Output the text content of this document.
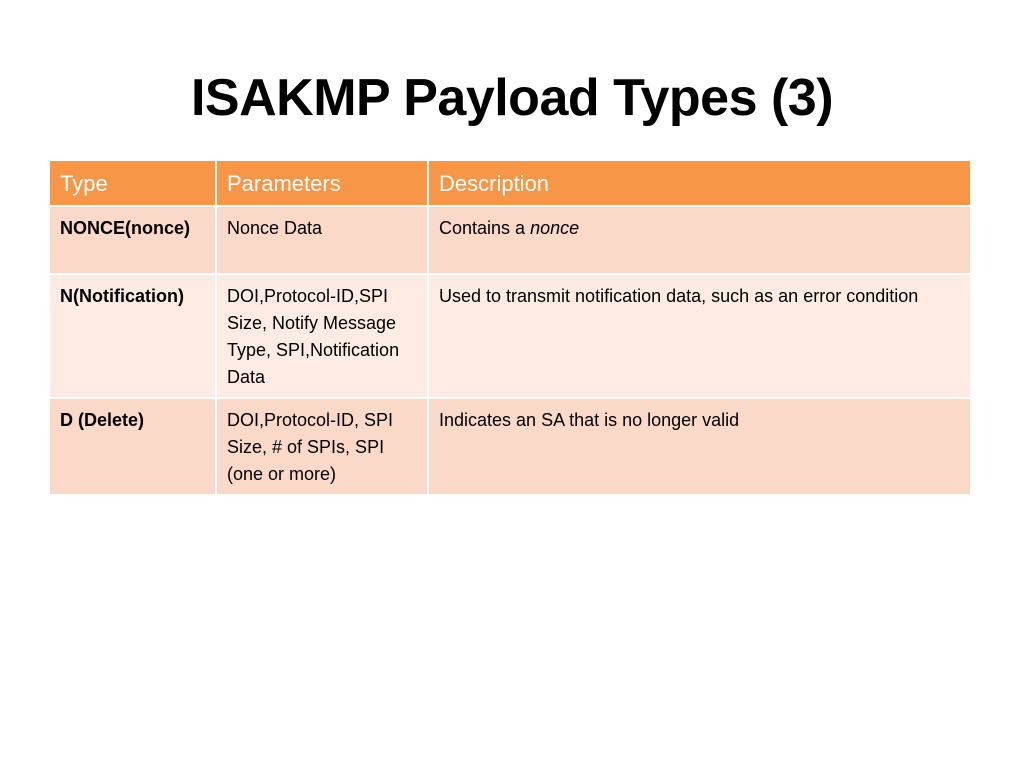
ISAKMP Payload Types (3)
Type	Parameters	Description
NONCE(nonce)	Nonce Data	Contains a nonce
N(Notification)	DOI,Protocol-ID,SPI Size, Notify Message Type, SPI,Notification Data	Used to transmit notification data, such as an error condition
D (Delete)	DOI,Protocol-ID, SPI Size, # of SPIs, SPI (one or more)	Indicates an SA that is no longer valid
